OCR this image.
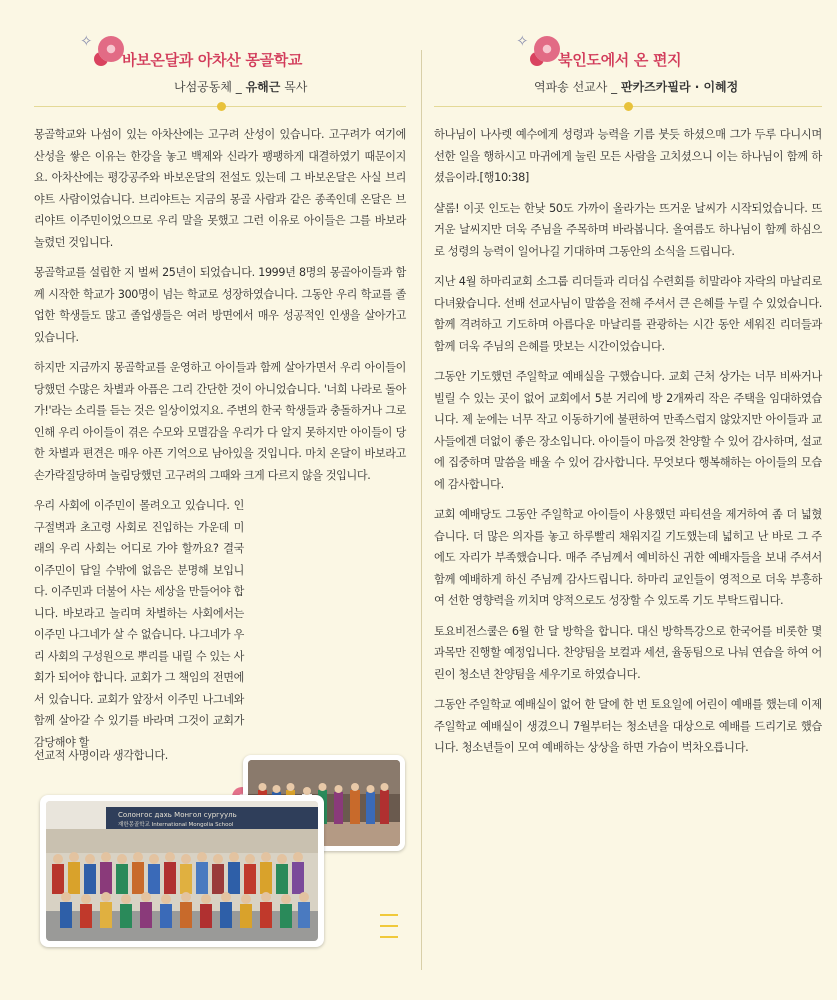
✧
바보온달과 아차산 몽골학교
나섬공동체 _ 유해근 목사

몽골학교와 나섬이 있는 아차산에는 고구려 산성이 있습니다. 고구려가 여기에 산성을 쌓은 이유는 한강을 놓고 백제와 신라가 팽팽하게 대결하였기 때문이지요. 아차산에는 평강공주와 바보온달의 전설도 있는데 그 바보온달은 사실 브리야트 사람이었습니다. 브리야트는 지금의 몽골 사람과 같은 종족인데 온달은 브리야트 이주민이었으므로 우리 말을 못했고 그런 이유로 아이들은 그를 바보라 놀렸던 것입니다.

몽골학교를 설립한 지 벌써 25년이 되었습니다. 1999년 8명의 몽골아이들과 함께 시작한 학교가 300명이 넘는 학교로 성장하였습니다. 그동안 우리 학교를 졸업한 학생들도 많고 졸업생들은 여러 방면에서 매우 성공적인 인생을 살아가고 있습니다.

하지만 지금까지 몽골학교를 운영하고 아이들과 함께 살아가면서 우리 아이들이 당했던 수많은 차별과 아픔은 그리 간단한 것이 아니었습니다. '너희 나라로 돌아가!'라는 소리를 듣는 것은 일상이었지요. 주변의 한국 학생들과 충돌하거나 그로 인해 우리 아이들이 겪은 수모와 모멸감을 우리가 다 알지 못하지만 아이들이 당한 차별과 편견은 매우 아픈 기억으로 남아있을 것입니다. 마치 온달이 바보라고 손가락질당하며 놀림당했던 고구려의 그때와 크게 다르지 않을 것입니다.

우리 사회에 이주민이 몰려오고 있습니다. 인구절벽과 초고령 사회로 진입하는 가운데 미래의 우리 사회는 어디로 가야 할까요? 결국 이주민이 답일 수밖에 없음은 분명해 보입니다. 이주민과 더불어 사는 세상을 만들어야 합니다. 바보라고 놀리며 차별하는 사회에서는 이주민 나그네가 살 수 없습니다. 나그네가 우리 사회의 구성원으로 뿌리를 내릴 수 있는 사회가 되어야 합니다. 교회가 그 책임의 전면에 서 있습니다. 교회가 앞장서 이주민 나그네와 함께 살아갈 수 있기를 바라며 그것이 교회가 감당해야 할

Солонгос дахь Монгол сургууль
재한몽골학교 International Mongolia School
선교적 사명이라 생각합니다.
✧
북인도에서 온 편지
역파송 선교사 _ 판카즈카필라 · 이혜정

하나님이 나사렛 예수에게 성령과 능력을 기름 붓듯 하셨으매 그가 두루 다니시며 선한 일을 행하시고 마귀에게 눌린 모든 사람을 고치셨으니 이는 하나님이 함께 하셨음이라.[행10:38]

샬롬! 이곳 인도는 한낮 50도 가까이 올라가는 뜨거운 날씨가 시작되었습니다. 뜨거운 날씨지만 더욱 주님을 주목하며 바라봅니다. 올여름도 하나님이 함께 하심으로 성령의 능력이 일어나길 기대하며 그동안의 소식을 드립니다.

지난 4월 하마리교회 소그룹 리더들과 리더십 수련회를 히말라야 자락의 마날리로 다녀왔습니다. 선배 선교사님이 말씀을 전해 주셔서 큰 은혜를 누릴 수 있었습니다. 함께 격려하고 기도하며 아름다운 마날리를 관광하는 시간 동안 세워진 리더들과 함께 더욱 주님의 은혜를 맛보는 시간이었습니다.

그동안 기도했던 주일학교 예배실을 구했습니다. 교회 근처 상가는 너무 비싸거나 빌릴 수 있는 곳이 없어 교회에서 5분 거리에 방 2개짜리 작은 주택을 임대하였습니다. 제 눈에는 너무 작고 이동하기에 불편하여 만족스럽지 않았지만 아이들과 교사들에겐 더없이 좋은 장소입니다. 아이들이 마음껏 찬양할 수 있어 감사하며, 설교에 집중하며 말씀을 배울 수 있어 감사합니다. 무엇보다 행복해하는 아이들의 모습에 감사합니다.

교회 예배당도 그동안 주일학교 아이들이 사용했던 파티션을 제거하여 좀 더 넓혔습니다. 더 많은 의자를 놓고 하루빨리 채워지길 기도했는데 넓히고 난 바로 그 주에도 자리가 부족했습니다. 매주 주님께서 예비하신 귀한 예배자들을 보내 주셔서 함께 예배하게 하신 주님께 감사드립니다. 하마리 교인들이 영적으로 더욱 부흥하여 선한 영향력을 끼치며 양적으로도 성장할 수 있도록 기도 부탁드립니다.

토요비전스쿨은 6월 한 달 방학을 합니다. 대신 방학특강으로 한국어를 비롯한 몇 과목만 진행할 예정입니다. 찬양팀을 보컬과 세션, 율동팀으로 나눠 연습을 하여 어린이 청소년 찬양팀을 세우기로 하였습니다.

그동안 주일학교 예배실이 없어 한 달에 한 번 토요일에 어린이 예배를 했는데 이제 주일학교 예배실이 생겼으니 7월부터는 청소년을 대상으로 예배를 드리기로 했습니다. 청소년들이 모여 예배하는 상상을 하면 가슴이 벅차오릅니다.
